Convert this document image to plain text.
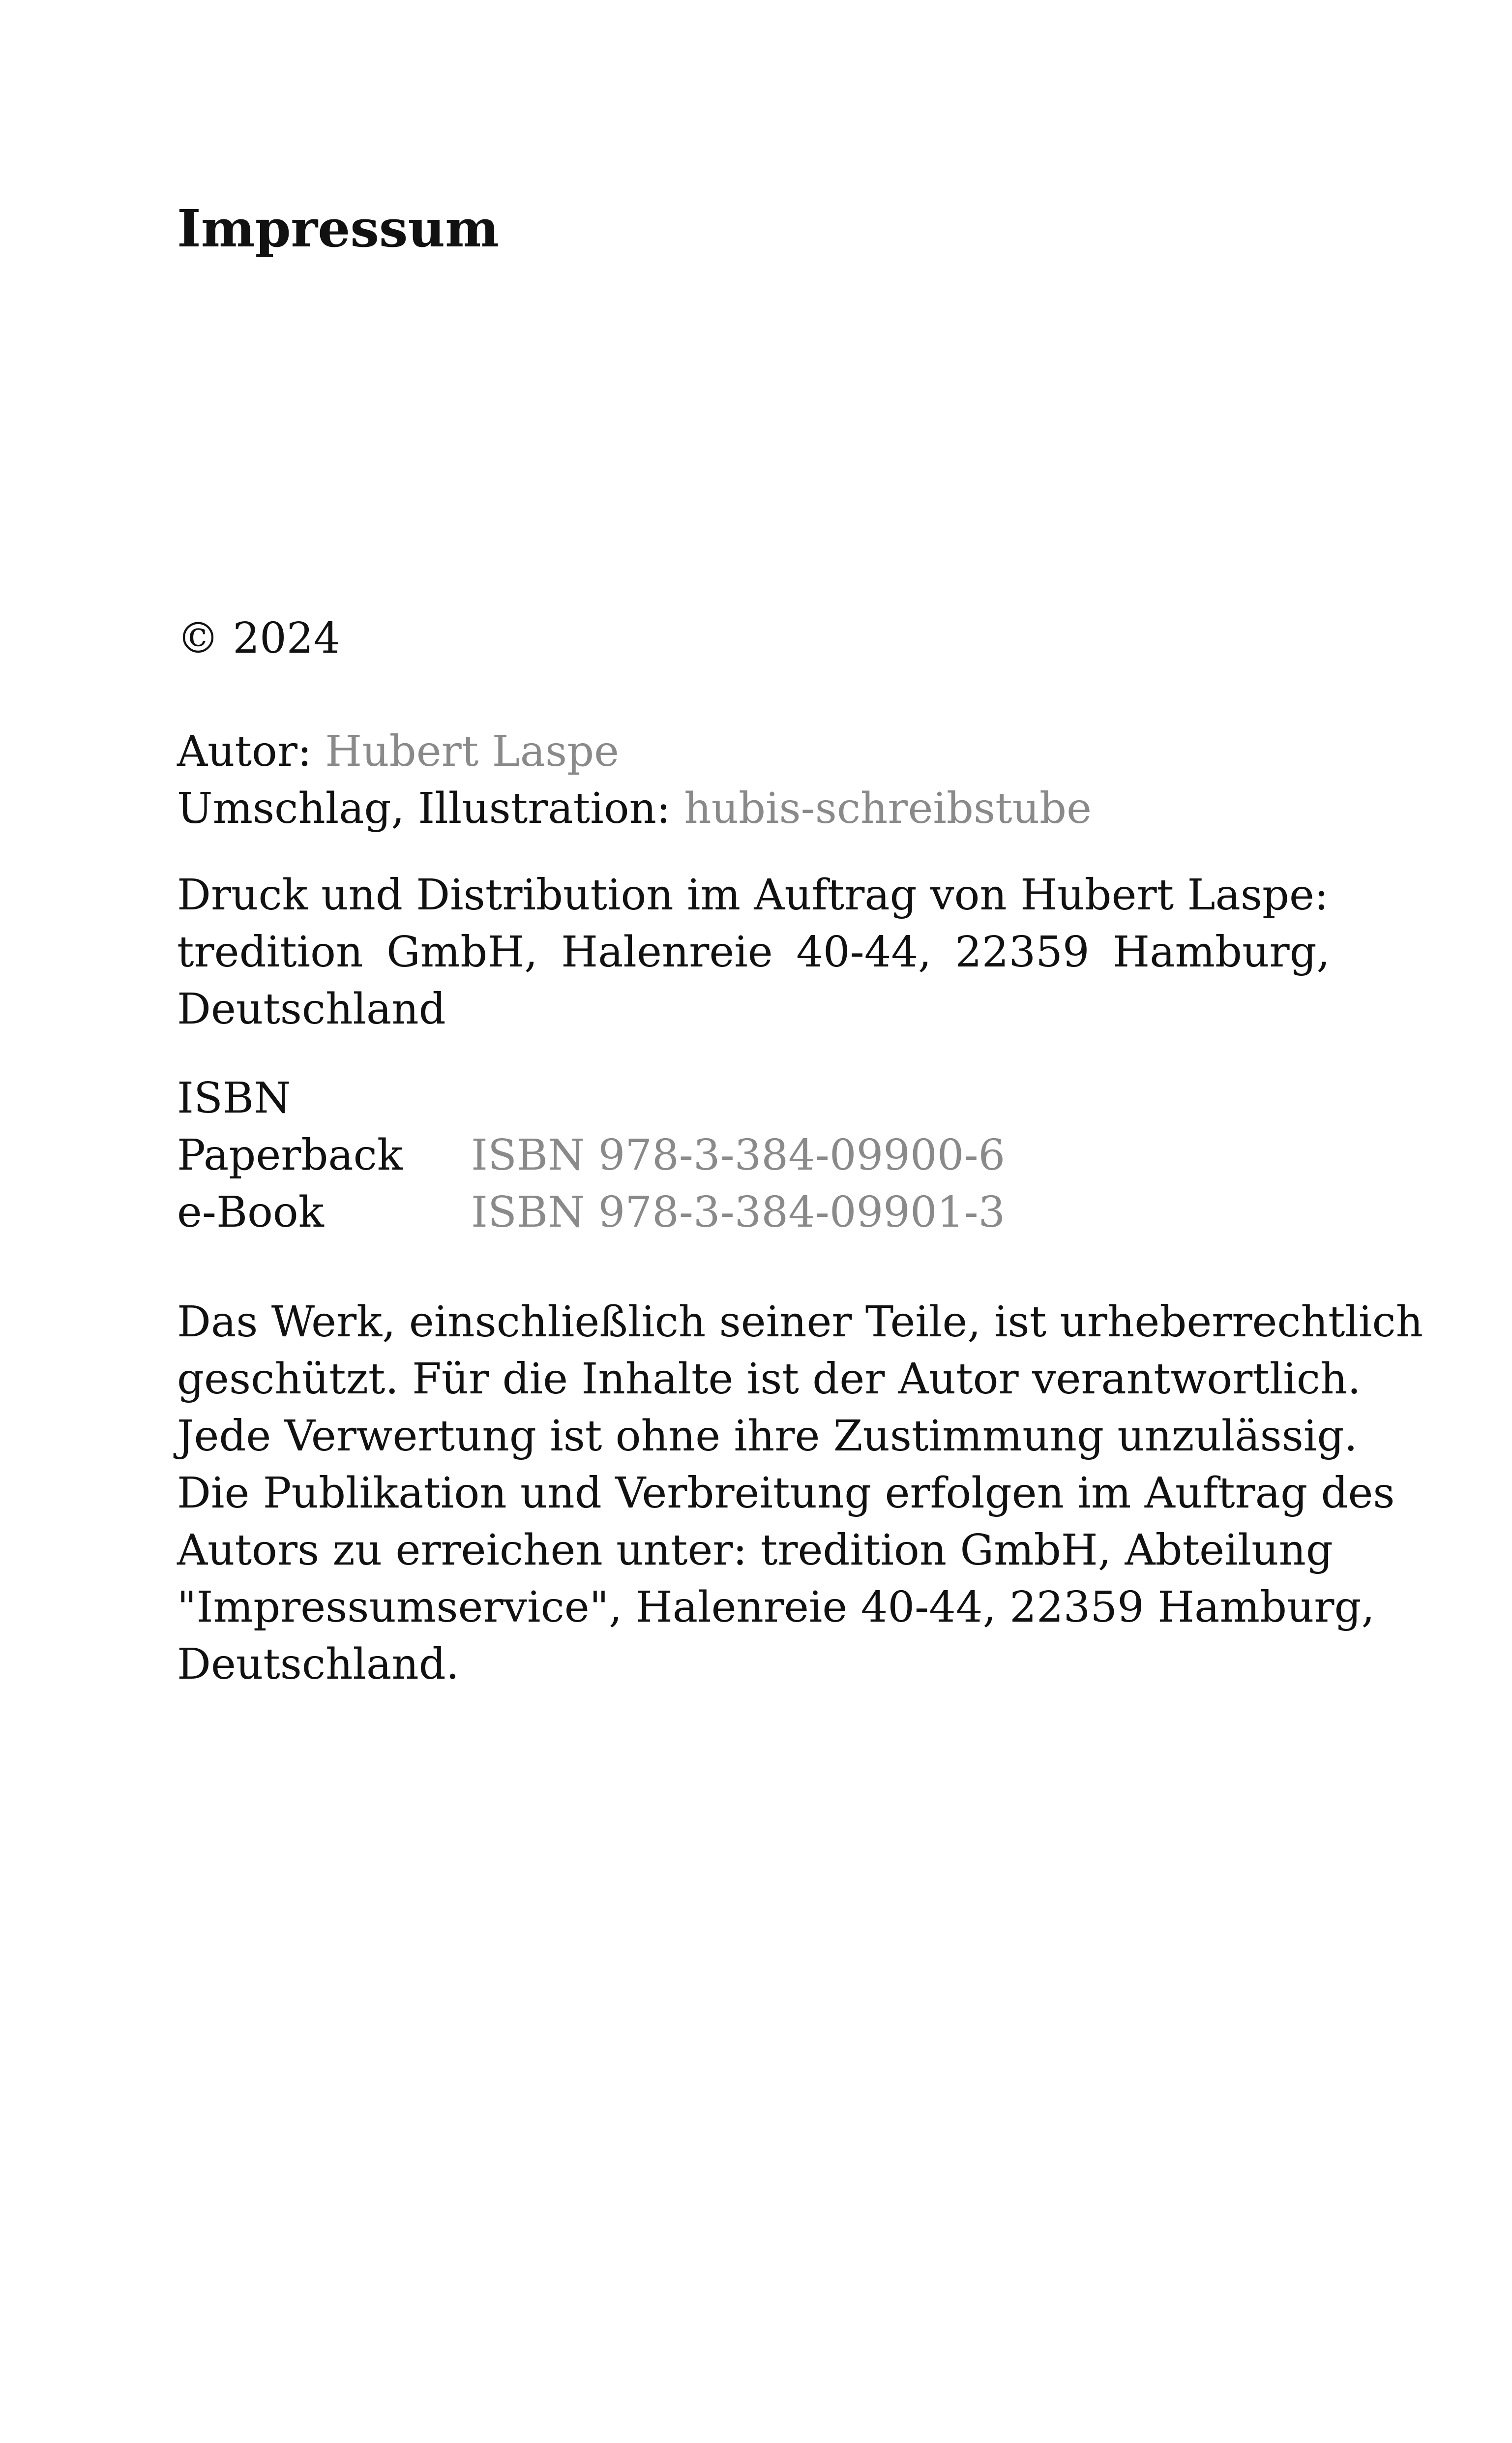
Impressum
© 2024
Autor: Hubert Laspe
Umschlag, Illustration: hubis-schreibstube
Druck und Distribution im Auftrag von Hubert Laspe:
tredition GmbH, Halenreie 40-44, 22359 Hamburg,
Deutschland
ISBN
Paperback ISBN 978-3-384-09900-6
e-Book	ISBN 978-3-384-09901-3
Das Werk, einschließlich seiner Teile, ist urheberrechtlich
geschützt. Für die Inhalte ist der Autor verantwortlich.
Jede Verwertung ist ohne ihre Zustimmung unzulässig.
Die Publikation und Verbreitung erfolgen im Auftrag des
Autors zu erreichen unter: tredition GmbH, Abteilung
"Impressumservice", Halenreie 40-44, 22359 Hamburg,
Deutschland.
